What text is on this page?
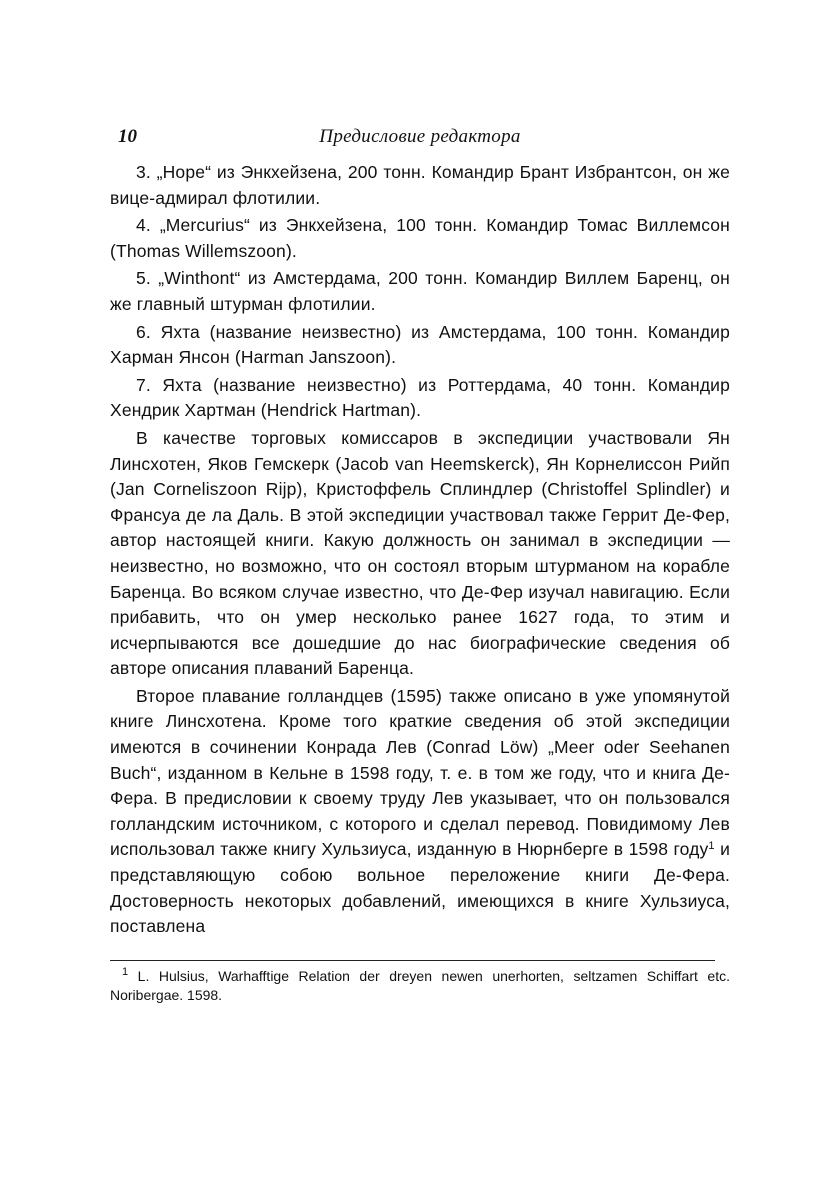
10	Предисловие редактора

3. „Hope“ из Энкхейзена, 200 тонн. Командир Брант Избрантсон, он же вице-адмирал флотилии.

4. „Mercurius“ из Энкхейзена, 100 тонн. Командир Томас Виллемсон (Thomas Willemszoon).

5. „Winthont“ из Амстердама, 200 тонн. Командир Виллем Баренц, он же главный штурман флотилии.

6. Яхта (название неизвестно) из Амстердама, 100 тонн. Командир Харман Янсон (Harman Janszoon).

7. Яхта (название неизвестно) из Роттердама, 40 тонн. Командир Хендрик Хартман (Hendrick Hartman).

В качестве торговых комиссаров в экспедиции участвовали Ян Линсхотен, Яков Гемскерк (Jacob van Heemskerck), Ян Корнелиссон Рийп (Jan Corneliszoon Rijp), Кристоффель Сплиндлер (Christoffel Splindler) и Франсуа де ла Даль. В этой экспедиции участвовал также Геррит Де-Фер, автор настоящей книги. Какую должность он занимал в экспедиции — неизвестно, но возможно, что он состоял вторым штурманом на корабле Баренца. Во всяком случае известно, что Де-Фер изучал навигацию. Если прибавить, что он умер несколько ранее 1627 года, то этим и исчерпываются все дошедшие до нас биографические сведения об авторе описания плаваний Баренца.

Второе плавание голландцев (1595) также описано в уже упомянутой книге Линсхотена. Кроме того краткие сведения об этой экспедиции имеются в сочинении Конрада Лев (Conrad Löw) „Meer oder Seehanen Buch“, изданном в Кельне в 1598 году, т. е. в том же году, что и книга Де-Фера. В предисловии к своему труду Лев указывает, что он пользовался голландским источником, с которого и сделал перевод. Повидимому Лев использовал также книгу Хульзиуса, изданную в Нюрнберге в 1598 году$^1$ и представляющую собою вольное переложение книги Де-Фера. Достоверность некоторых добавлений, имеющихся в книге Хульзиуса, поставлена

$^1$ L. Hulsius, Warhafftige Relation der dreyen newen unerhorten, seltzamen Schiffart etc. Noribergae. 1598.
